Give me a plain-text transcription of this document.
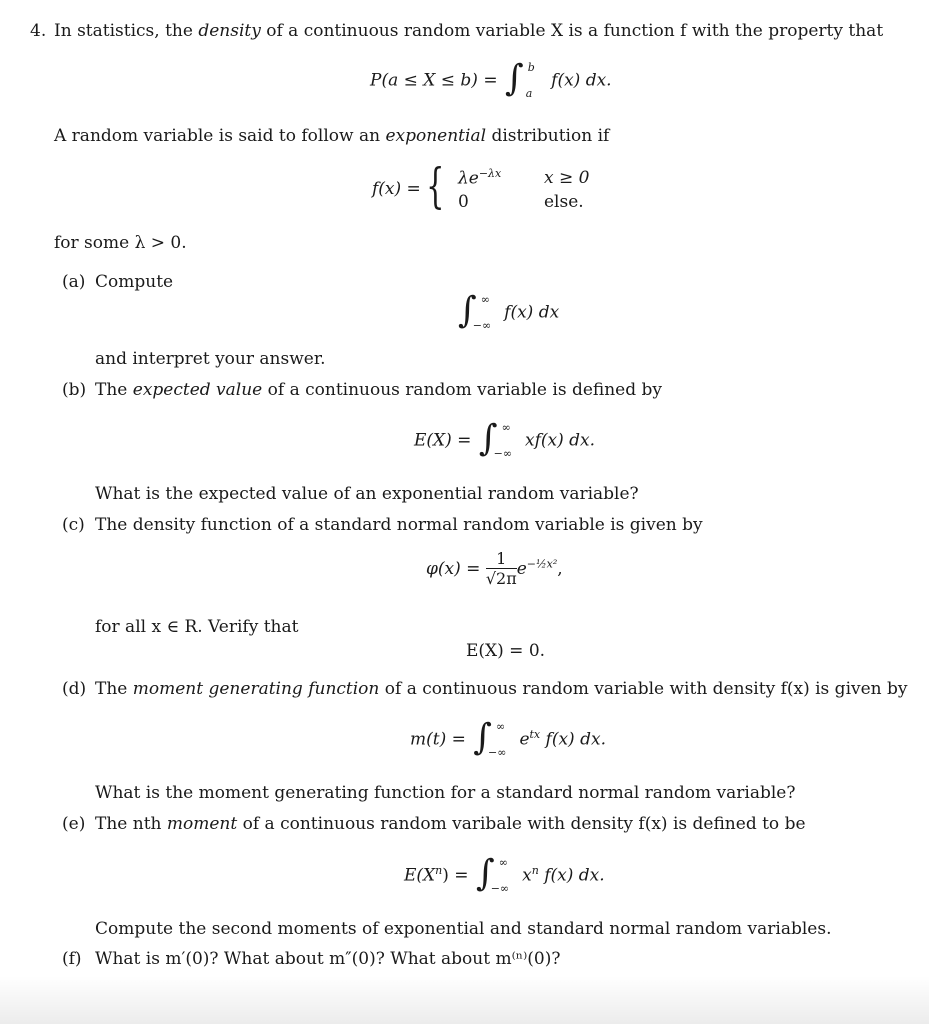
4. In statistics, the density of a continuous random variable X is a function f with the property that
P(a ≤ X ≤ b) = ∫ b
a
f(x) dx.
A random variable is said to follow an exponential distribution if
f(x) = { $\lambda e^{-\lambda x}$
0
x ≥ 0
else.
for some λ > 0.
(a) Compute
∫ ∞
−∞
f(x) dx
and interpret your answer.
(b) The expected value of a continuous random variable is defined by
E(X) = ∫ ∞
−∞
xf(x) dx.
What is the expected value of an exponential random variable?
(c) The density function of a standard normal random variable is given by
$\varphi(x) = \frac{1}{√2\pi} e^{-\frac{1}{2}x^2}$,
for all x ∈ R. Verify that
E(X) = 0.
(d) The moment generating function of a continuous random variable with density f(x) is given by
m(t) = ∫ ∞
−∞
$e^{tx}$ f(x) dx.
What is the moment generating function for a standard normal random variable?
(e) The nth moment of a continuous random varibale with density f(x) is defined to be
$E(X^n)$ = ∫ ∞
−∞
$x^n$ f(x) dx.
Compute the second moments of exponential and standard normal random variables.
(f) What is m′(0)? What about m″(0)? What about m⁽ⁿ⁾(0)?
